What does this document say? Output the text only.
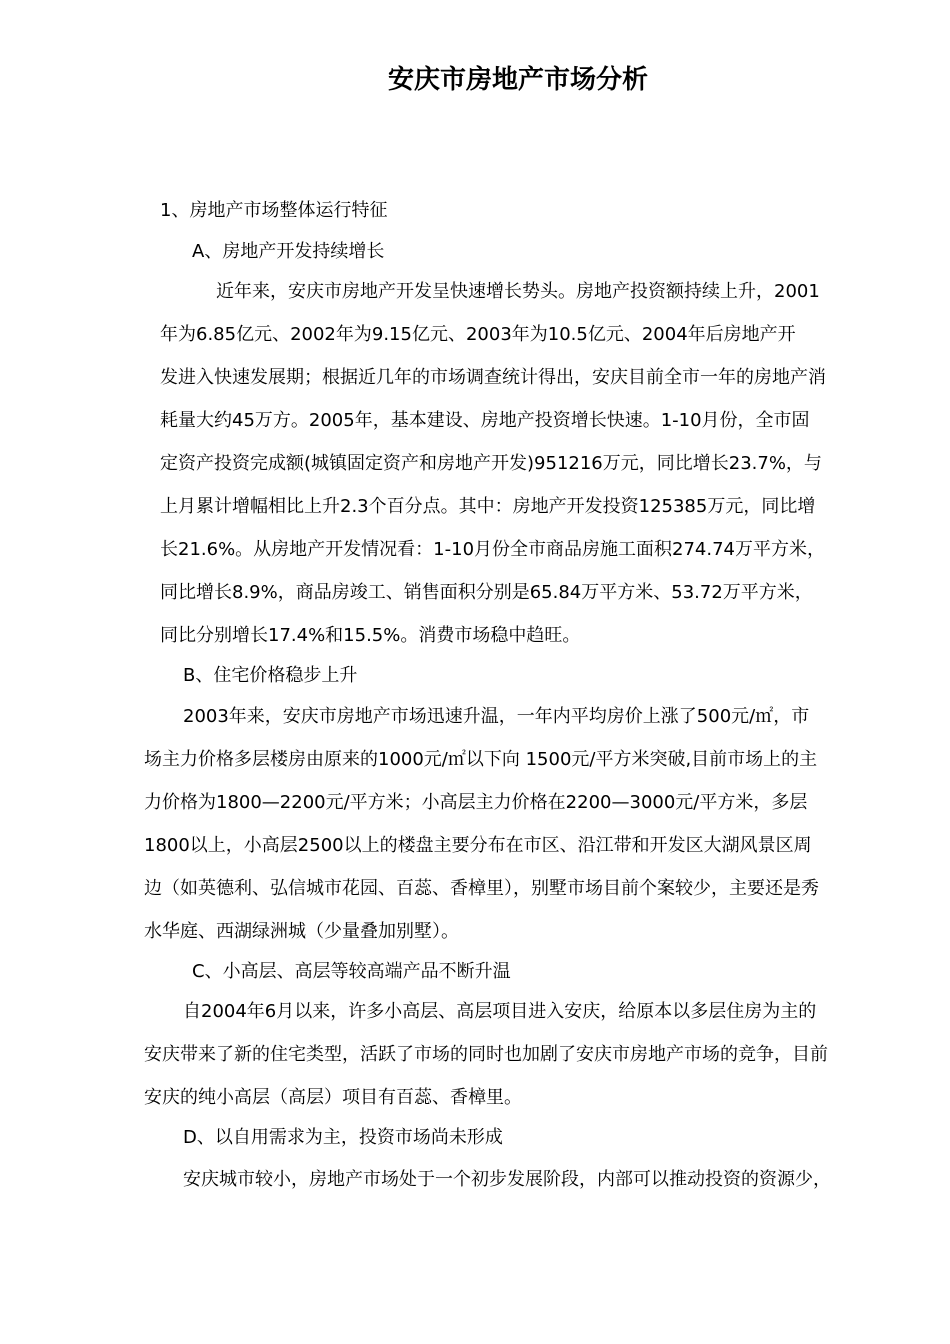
安庆市房地产市场分析
1、房地产市场整体运行特征
A、房地产开发持续增长
近年来，安庆市房地产开发呈快速增长势头。房地产投资额持续上升，2001
年为6.85亿元、2002年为9.15亿元、2003年为10.5亿元、2004年后房地产开
发进入快速发展期；根据近几年的市场调查统计得出，安庆目前全市一年的房地产消
耗量大约45万方。2005年，基本建设、房地产投资增长快速。1-10月份，全市固
定资产投资完成额(城镇固定资产和房地产开发)951216万元，同比增长23.7%，与
上月累计增幅相比上升2.3个百分点。其中：房地产开发投资125385万元，同比增
长21.6%。从房地产开发情况看：1-10月份全市商品房施工面积274.74万平方米，
同比增长8.9%，商品房竣工、销售面积分别是65.84万平方米、53.72万平方米，
同比分别增长17.4%和15.5%。消费市场稳中趋旺。
B、住宅价格稳步上升
2003年来，安庆市房地产市场迅速升温，一年内平均房价上涨了500元/㎡，市
场主力价格多层楼房由原来的1000元/㎡以下向 1500元/平方米突破,目前市场上的主
力价格为1800—2200元/平方米；小高层主力价格在2200—3000元/平方米，多层
1800以上，小高层2500以上的楼盘主要分布在市区、沿江带和开发区大湖风景区周
边（如英德利、弘信城市花园、百蕊、香樟里），别墅市场目前个案较少，主要还是秀
水华庭、西湖绿洲城（少量叠加别墅）。
C、小高层、高层等较高端产品不断升温
自2004年6月以来，许多小高层、高层项目进入安庆，给原本以多层住房为主的
安庆带来了新的住宅类型，活跃了市场的同时也加剧了安庆市房地产市场的竞争，目前
安庆的纯小高层（高层）项目有百蕊、香樟里。
D、以自用需求为主，投资市场尚未形成
安庆城市较小，房地产市场处于一个初步发展阶段，内部可以推动投资的资源少，
